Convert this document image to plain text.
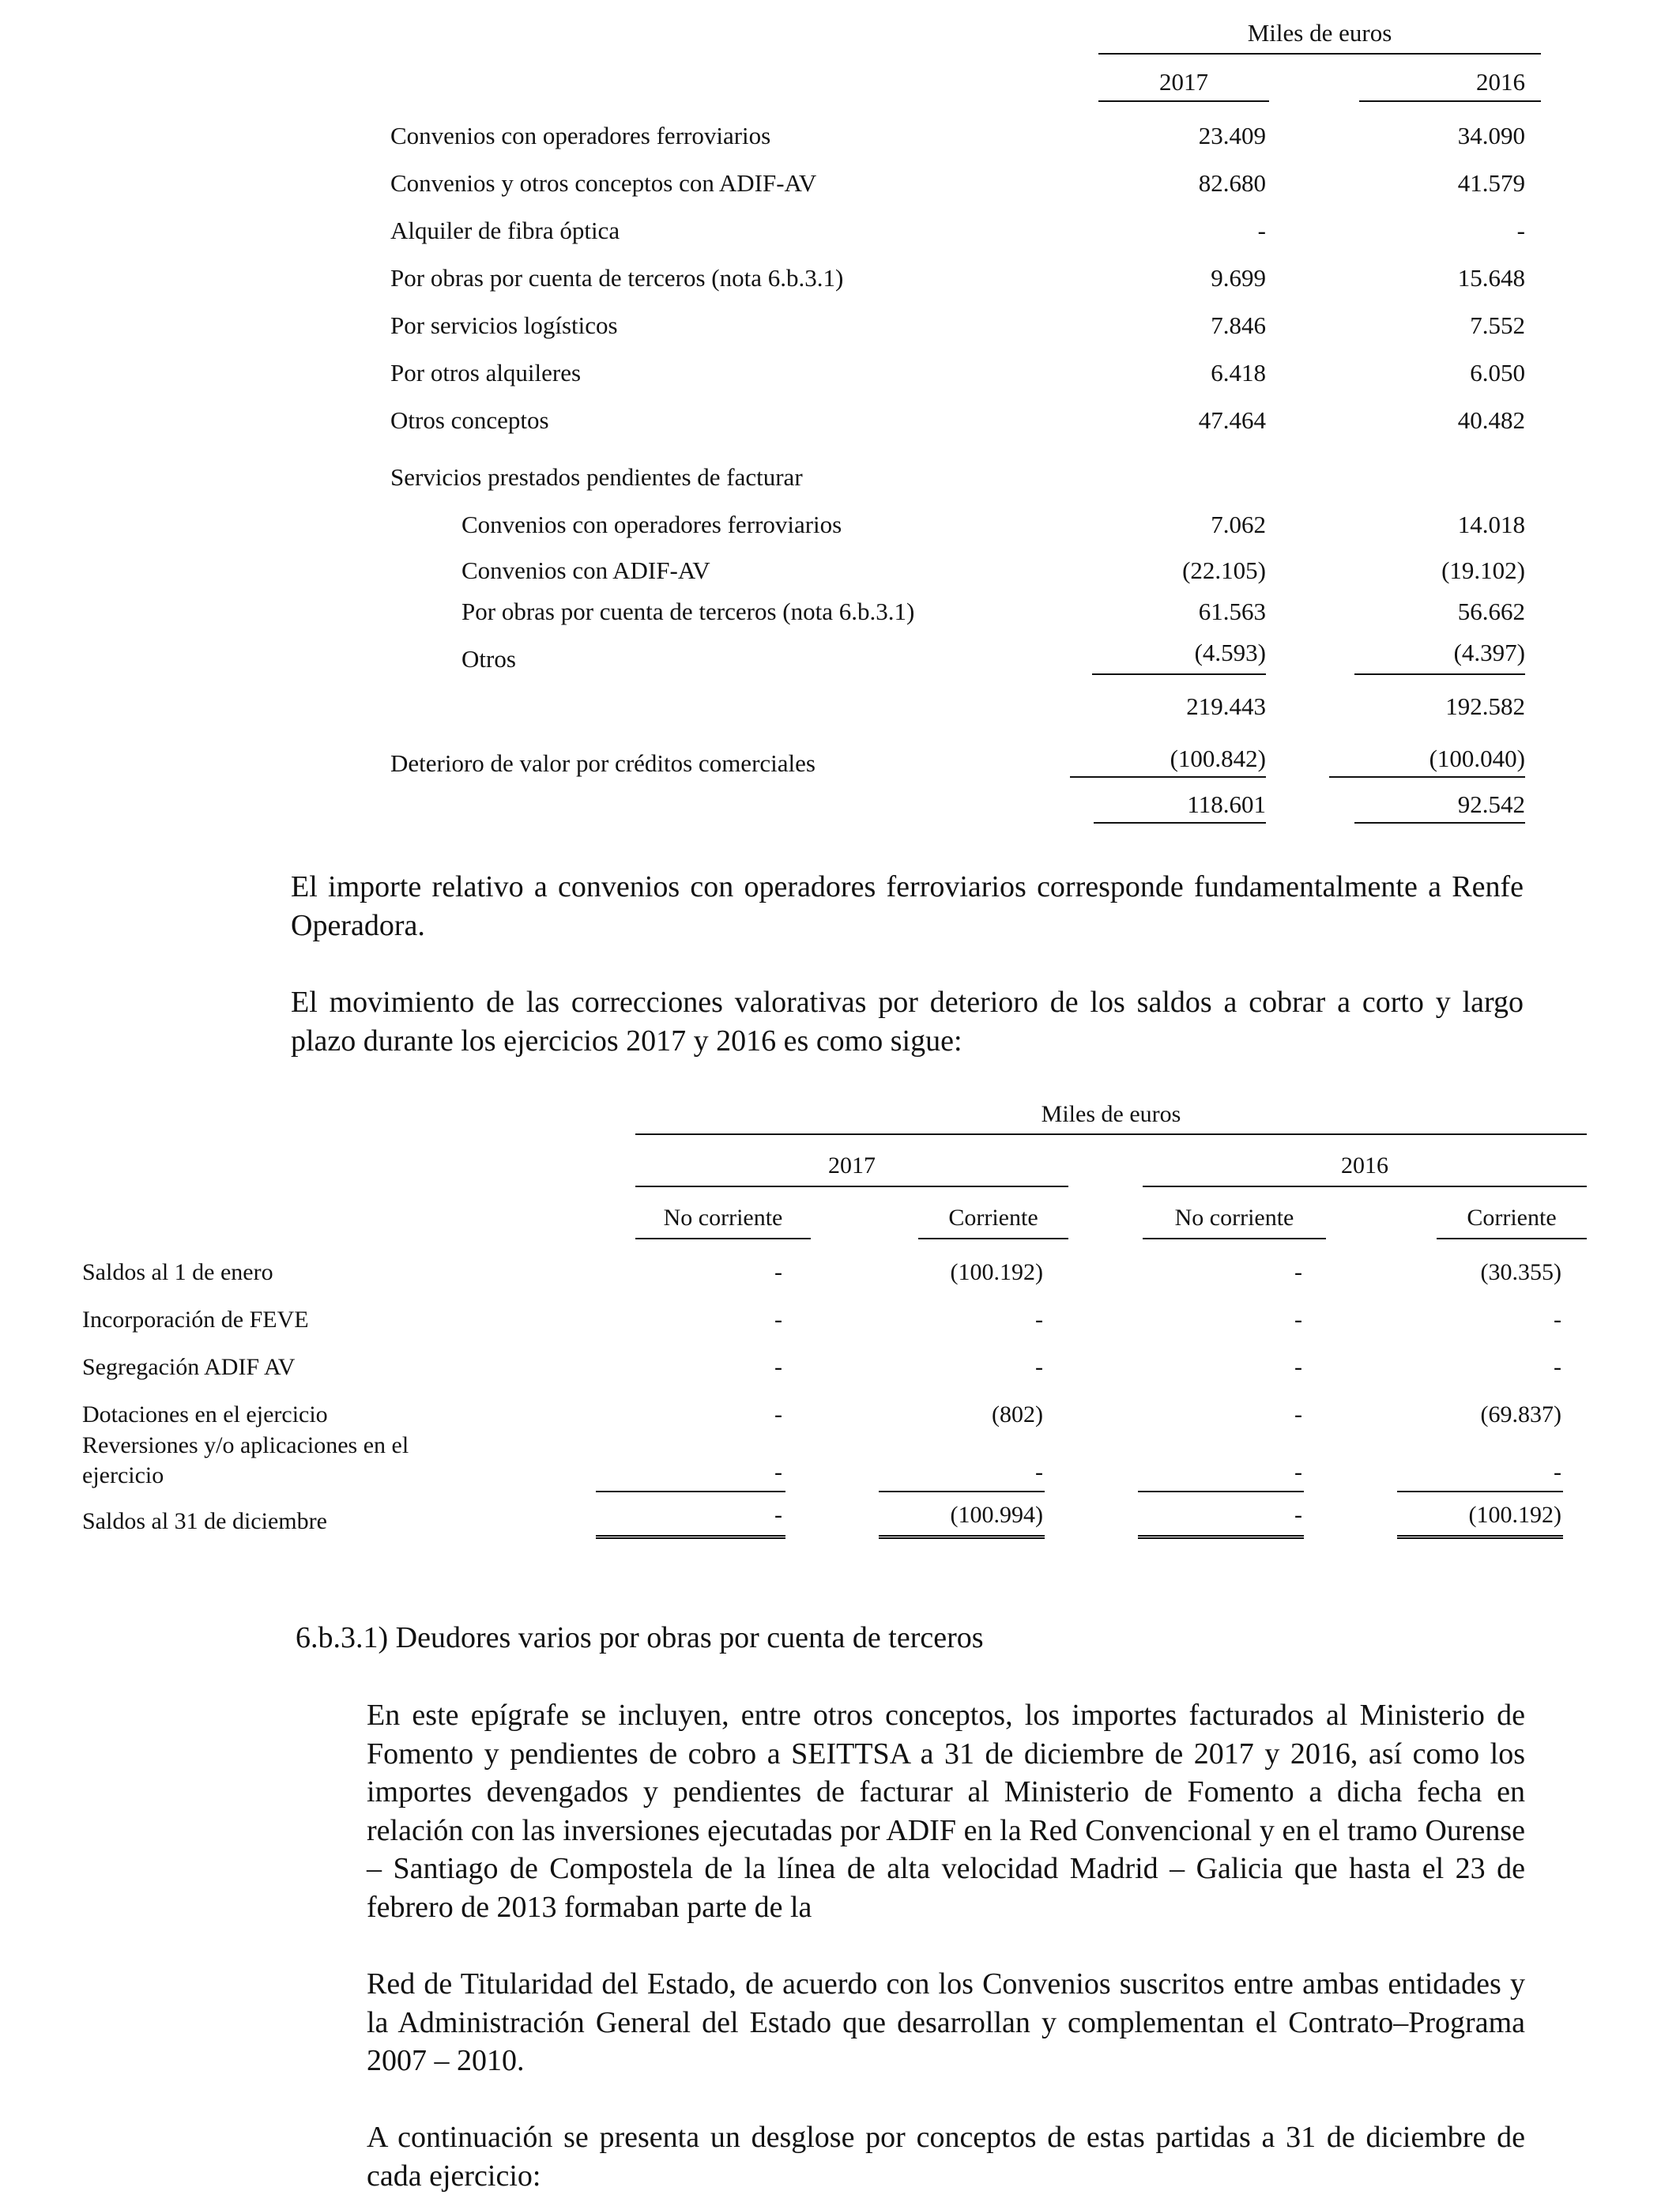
Miles de euros
2017	2016
Convenios con operadores ferroviarios	23.409	34.090
Convenios y otros conceptos con ADIF-AV	82.680	41.579
Alquiler de fibra óptica	-	-
Por obras por cuenta de terceros (nota 6.b.3.1)	9.699	15.648
Por servicios logísticos	7.846	7.552
Por otros alquileres	6.418	6.050
Otros conceptos	47.464	40.482
Servicios prestados pendientes de facturar
Convenios con operadores ferroviarios	7.062	14.018
Convenios con ADIF-AV	(22.105)	(19.102)
Por obras por cuenta de terceros (nota 6.b.3.1)	61.563	56.662
Otros	(4.593)	(4.397)
219.443	192.582
Deterioro de valor por créditos comerciales	(100.842)	(100.040)
118.601	92.542
El importe relativo a convenios con operadores ferroviarios corresponde fundamentalmente a Renfe Operadora.
El movimiento de las correcciones valorativas por deterioro de los saldos a cobrar a corto y largo plazo durante los ejercicios 2017 y 2016 es como sigue:
Miles de euros
2017	2016
No corriente	Corriente	No corriente	Corriente
Saldos al 1 de enero	-	(100.192)	-	(30.355)
Incorporación de FEVE	-	-	-	-
Segregación ADIF AV	-	-	-	-
Dotaciones en el ejercicio	-	(802)	-	(69.837)
Reversiones y/o aplicaciones en el
ejercicio	-	-	-	-
Saldos al 31 de diciembre	-	(100.994)	-	(100.192)
6.b.3.1) Deudores varios por obras por cuenta de terceros
En este epígrafe se incluyen, entre otros conceptos, los importes facturados al Ministerio de Fomento y pendientes de cobro a SEITTSA a 31 de diciembre de 2017 y 2016, así como los importes devengados y pendientes de facturar al Ministerio de Fomento a dicha fecha en relación con las inversiones ejecutadas por ADIF en la Red Convencional y en el tramo Ourense – Santiago de Compostela de la línea de alta velocidad Madrid – Galicia que hasta el 23 de febrero de 2013 formaban parte de la
Red de Titularidad del Estado, de acuerdo con los Convenios suscritos entre ambas entidades y la Administración General del Estado que desarrollan y complementan el Contrato–Programa 2007 – 2010.
A continuación se presenta un desglose por conceptos de estas partidas a 31 de diciembre de cada ejercicio:
